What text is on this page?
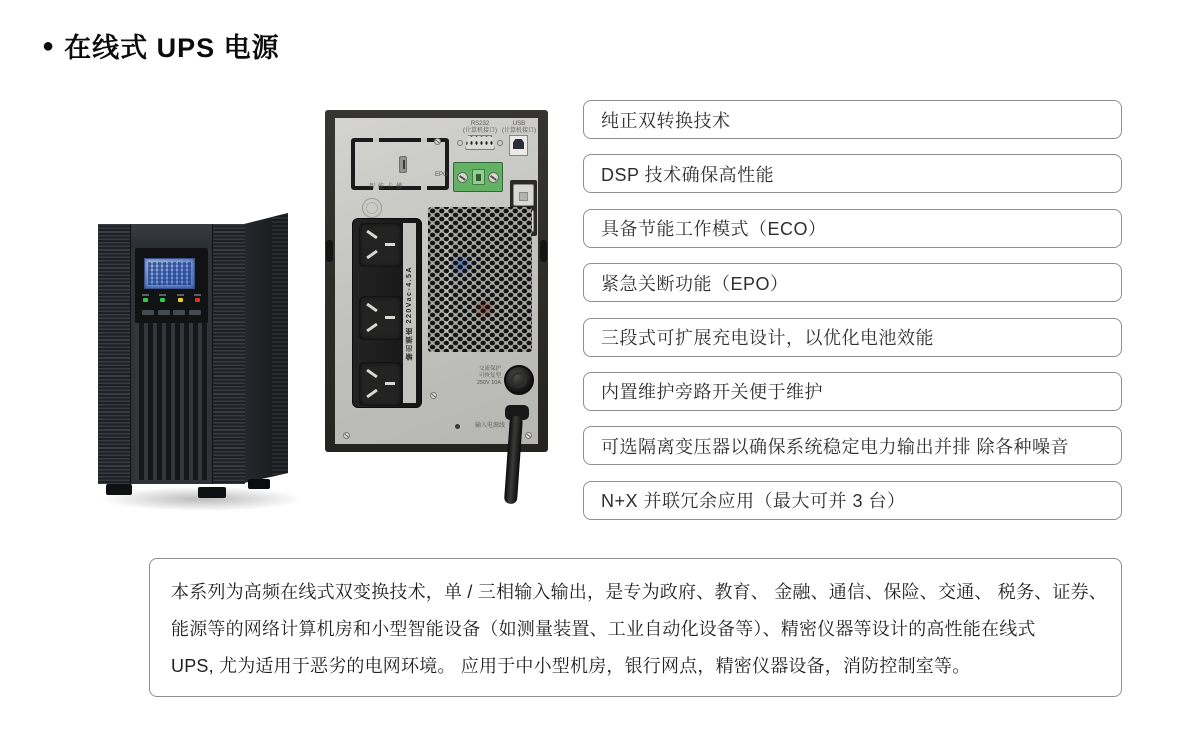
● 在线式 UPS 电源
智能卡槽
RS232
(计算机接口)
USB
(计算机接口)
EPO
输出插座 220Vac-4.5A
交流保护
可恢复型
250V 10A
输入电源线
纯正双转换技术
DSP 技术确保高性能
具备节能工作模式（ECO）
紧急关断功能（EPO）
三段式可扩展充电设计，以优化电池效能
内置维护旁路开关便于维护
可选隔离变压器以确保系统稳定电力输出并排 除各种噪音
N+X 并联冗余应用（最大可并 3 台）
本系列为高频在线式双变换技术，单 / 三相输入输出，是专为政府、教育、 金融、通信、保险、交通、 税务、证券、
能源等的网络计算机房和小型智能设备（如测量装置、工业自动化设备等）、精密仪器等设计的高性能在线式
UPS, 尤为适用于恶劣的电网环境。 应用于中小型机房，银行网点，精密仪器设备，消防控制室等。
